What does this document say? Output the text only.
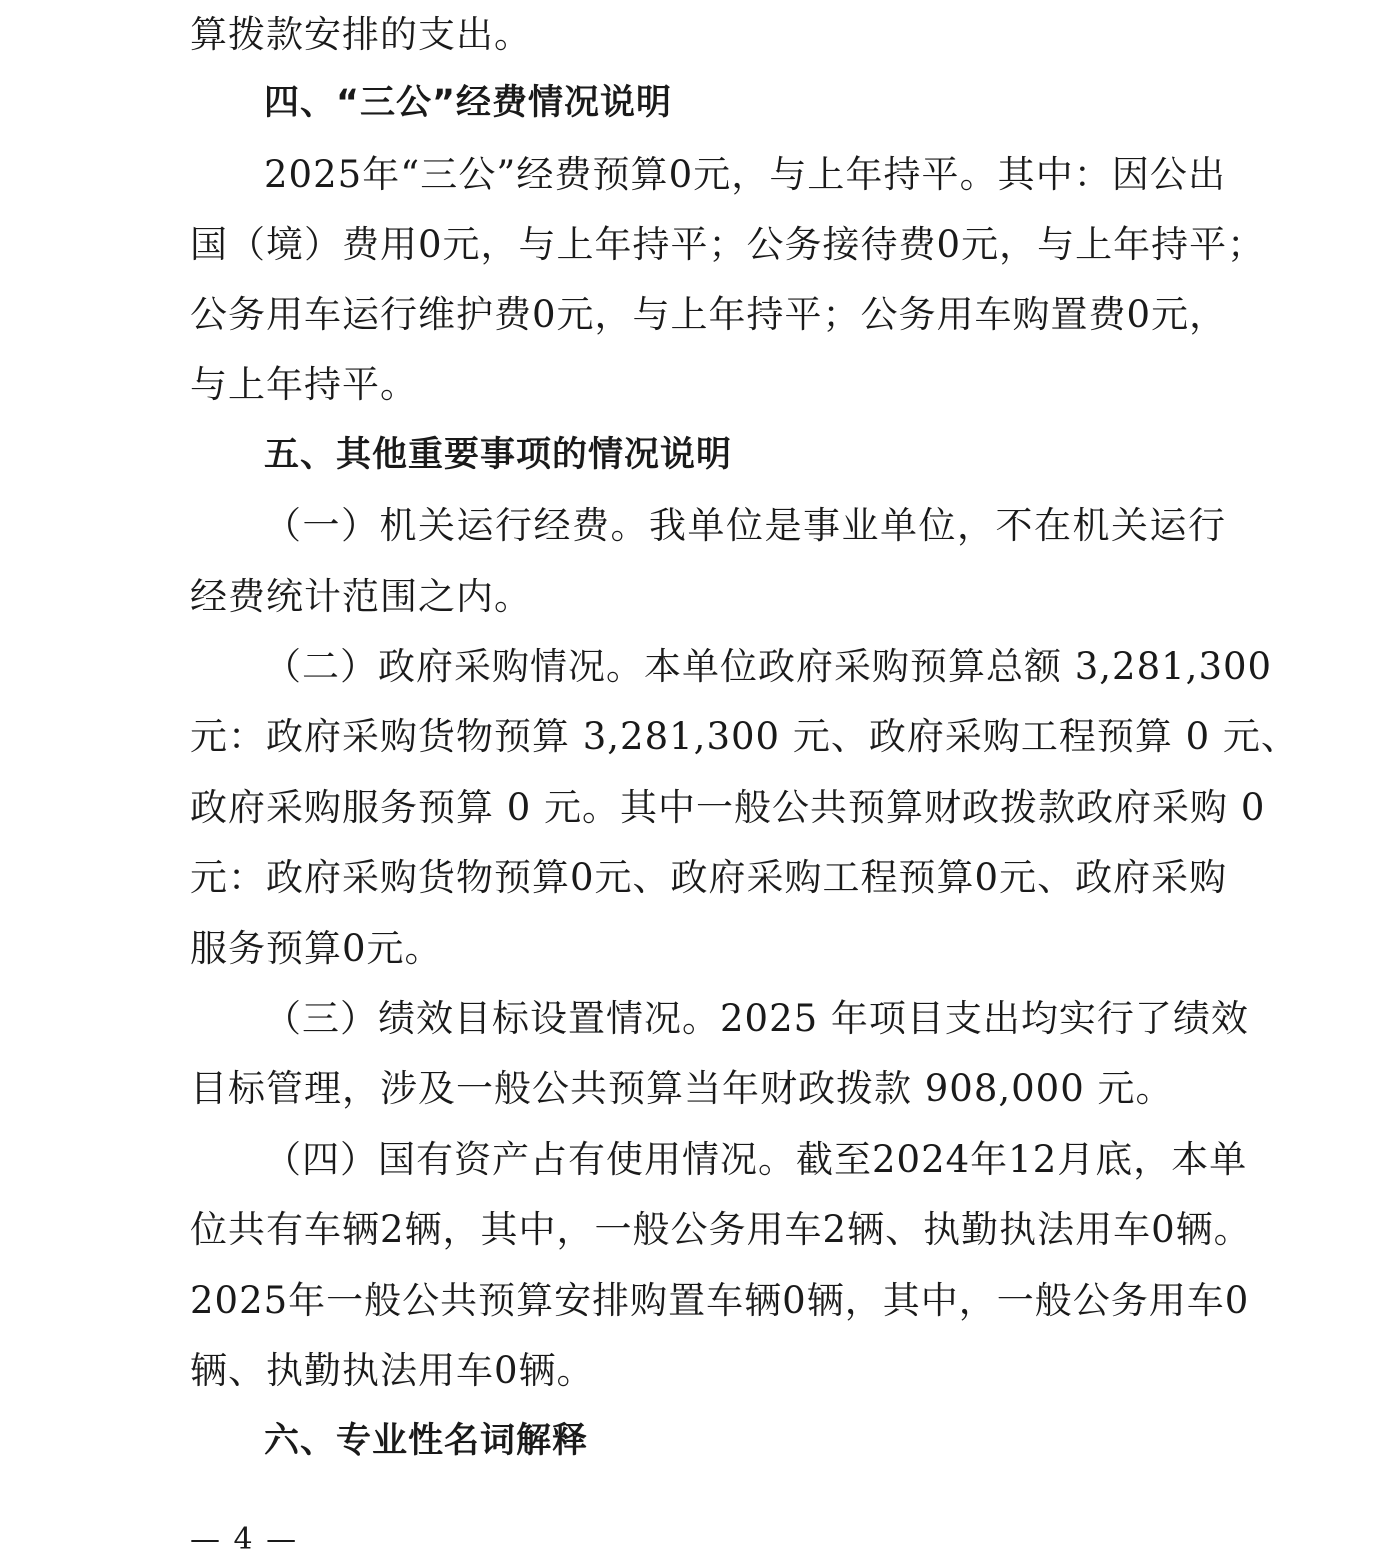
算拨款安排的支出。
四、“三公”经费情况说明
2025年“三公”经费预算0元，与上年持平。其中：因公出
国（境）费用0元，与上年持平；公务接待费0元，与上年持平；
公务用车运行维护费0元，与上年持平；公务用车购置费0元，
与上年持平。
五、其他重要事项的情况说明
（一）机关运行经费。我单位是事业单位，不在机关运行
经费统计范围之内。
（二）政府采购情况。本单位政府采购预算总额 3,281,300
元：政府采购货物预算 3,281,300 元、政府采购工程预算 0 元、
政府采购服务预算 0 元。其中一般公共预算财政拨款政府采购 0
元：政府采购货物预算0元、政府采购工程预算0元、政府采购
服务预算0元。
（三）绩效目标设置情况。2025 年项目支出均实行了绩效
目标管理，涉及一般公共预算当年财政拨款 908,000 元。
（四）国有资产占有使用情况。截至2024年12月底，本单
位共有车辆2辆，其中，一般公务用车2辆、执勤执法用车0辆。
2025年一般公共预算安排购置车辆0辆，其中，一般公务用车0
辆、执勤执法用车0辆。
六、专业性名词解释
— 4 —
